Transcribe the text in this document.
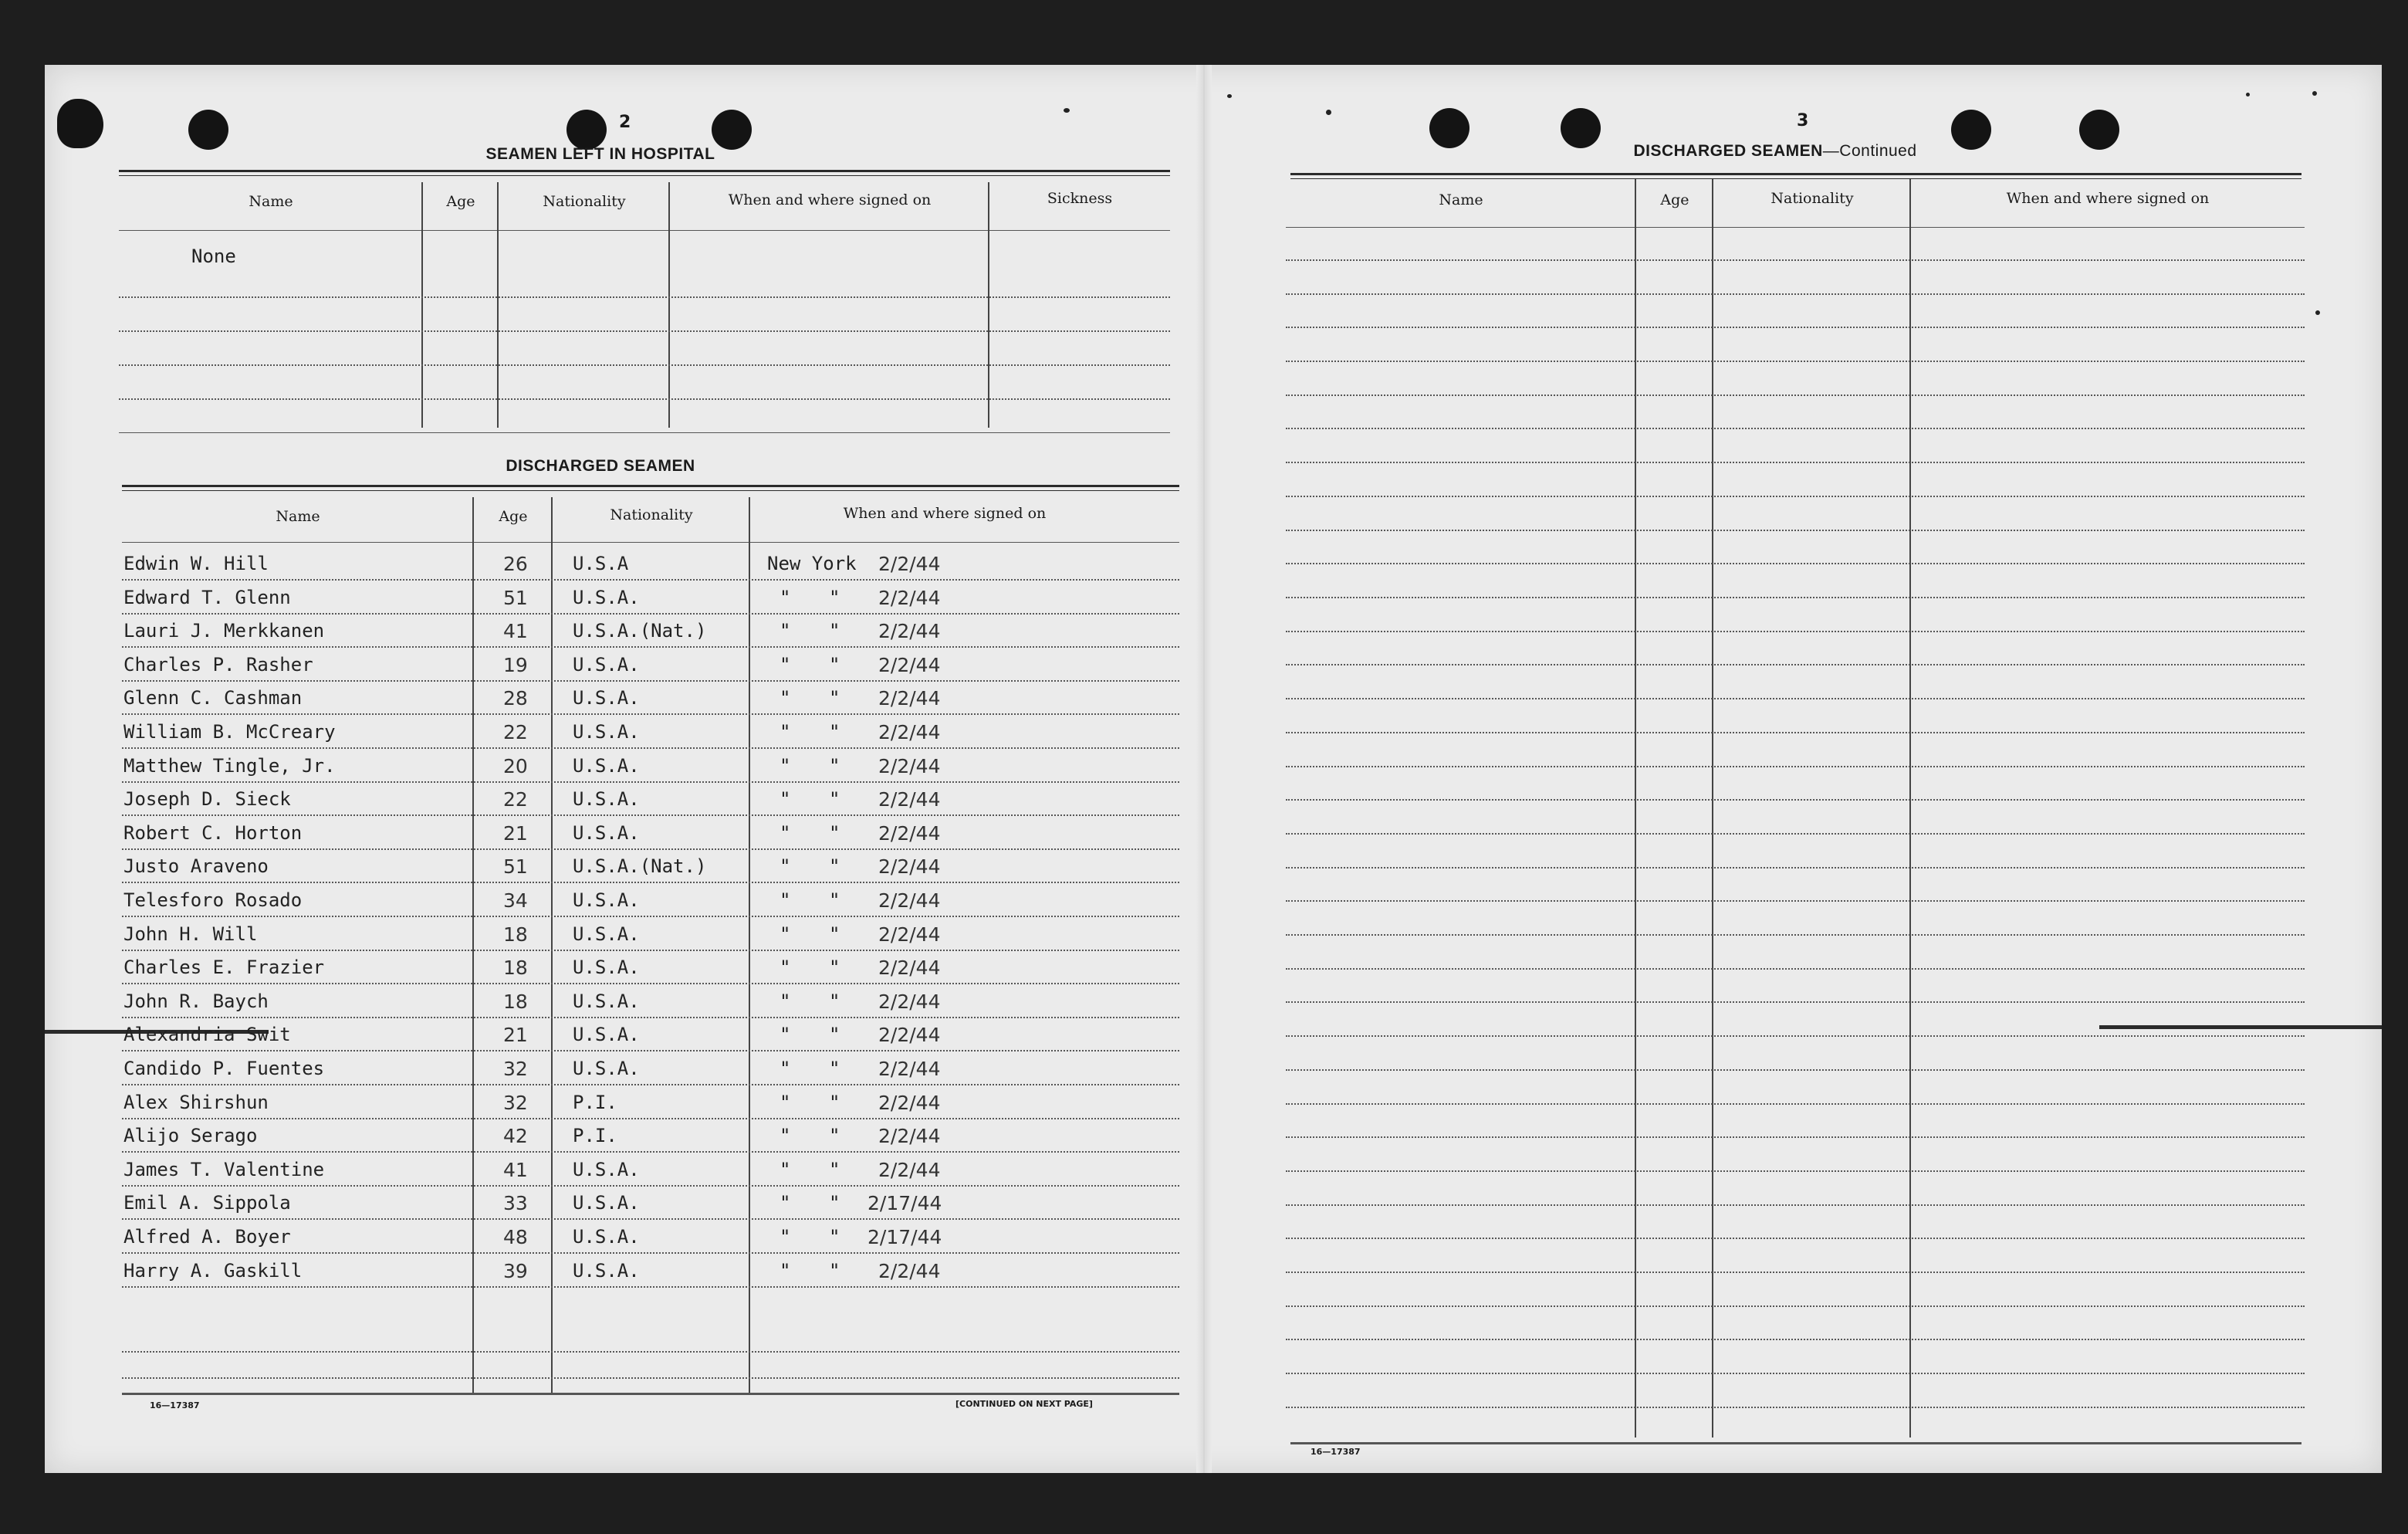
2
SEAMEN LEFT IN HOSPITAL
Name	Age	Nationality	When and where signed on	Sickness
None
DISCHARGED SEAMEN
Name	Age	Nationality	When and where signed on
Edwin W. Hill	26 U.S.A	New York 2/2/44
Edward T. Glenn	51 U.S.A.	" " 2/2/44
Lauri J. Merkkanen	41 U.S.A.(Nat.)	" " 2/2/44
Charles P. Rasher	19 U.S.A.	" " 2/2/44
Glenn C. Cashman	28 U.S.A.	" " 2/2/44
William B. McCreary	22 U.S.A.	" " 2/2/44
Matthew Tingle, Jr.	20 U.S.A.	" " 2/2/44
Joseph D. Sieck	22 U.S.A.	" " 2/2/44
Robert C. Horton	21 U.S.A.	" " 2/2/44
Justo Araveno	51 U.S.A.(Nat.)	" " 2/2/44
Telesforo Rosado	34 U.S.A.	" " 2/2/44
John H. Will	18 U.S.A.	" " 2/2/44
Charles E. Frazier	18 U.S.A.	" " 2/2/44
John R. Baych	18 U.S.A.	" " 2/2/44
Alexandria Swit	21 U.S.A.	" " 2/2/44
Candido P. Fuentes	32 U.S.A.	" " 2/2/44
Alex Shirshun	32 P.I.	" " 2/2/44
Alijo Serago	42 P.I.	" " 2/2/44
James T. Valentine	41 U.S.A.	" " 2/2/44
Emil A. Sippola	33 U.S.A.	" " 2/17/44
Alfred A. Boyer	48 U.S.A.	" " 2/17/44
Harry A. Gaskill	39 U.S.A.	" " 2/2/44
16—17387	[CONTINUED ON NEXT PAGE]
3
DISCHARGED SEAMEN—Continued
Name	Age	Nationality	When and where signed on
16—17387
